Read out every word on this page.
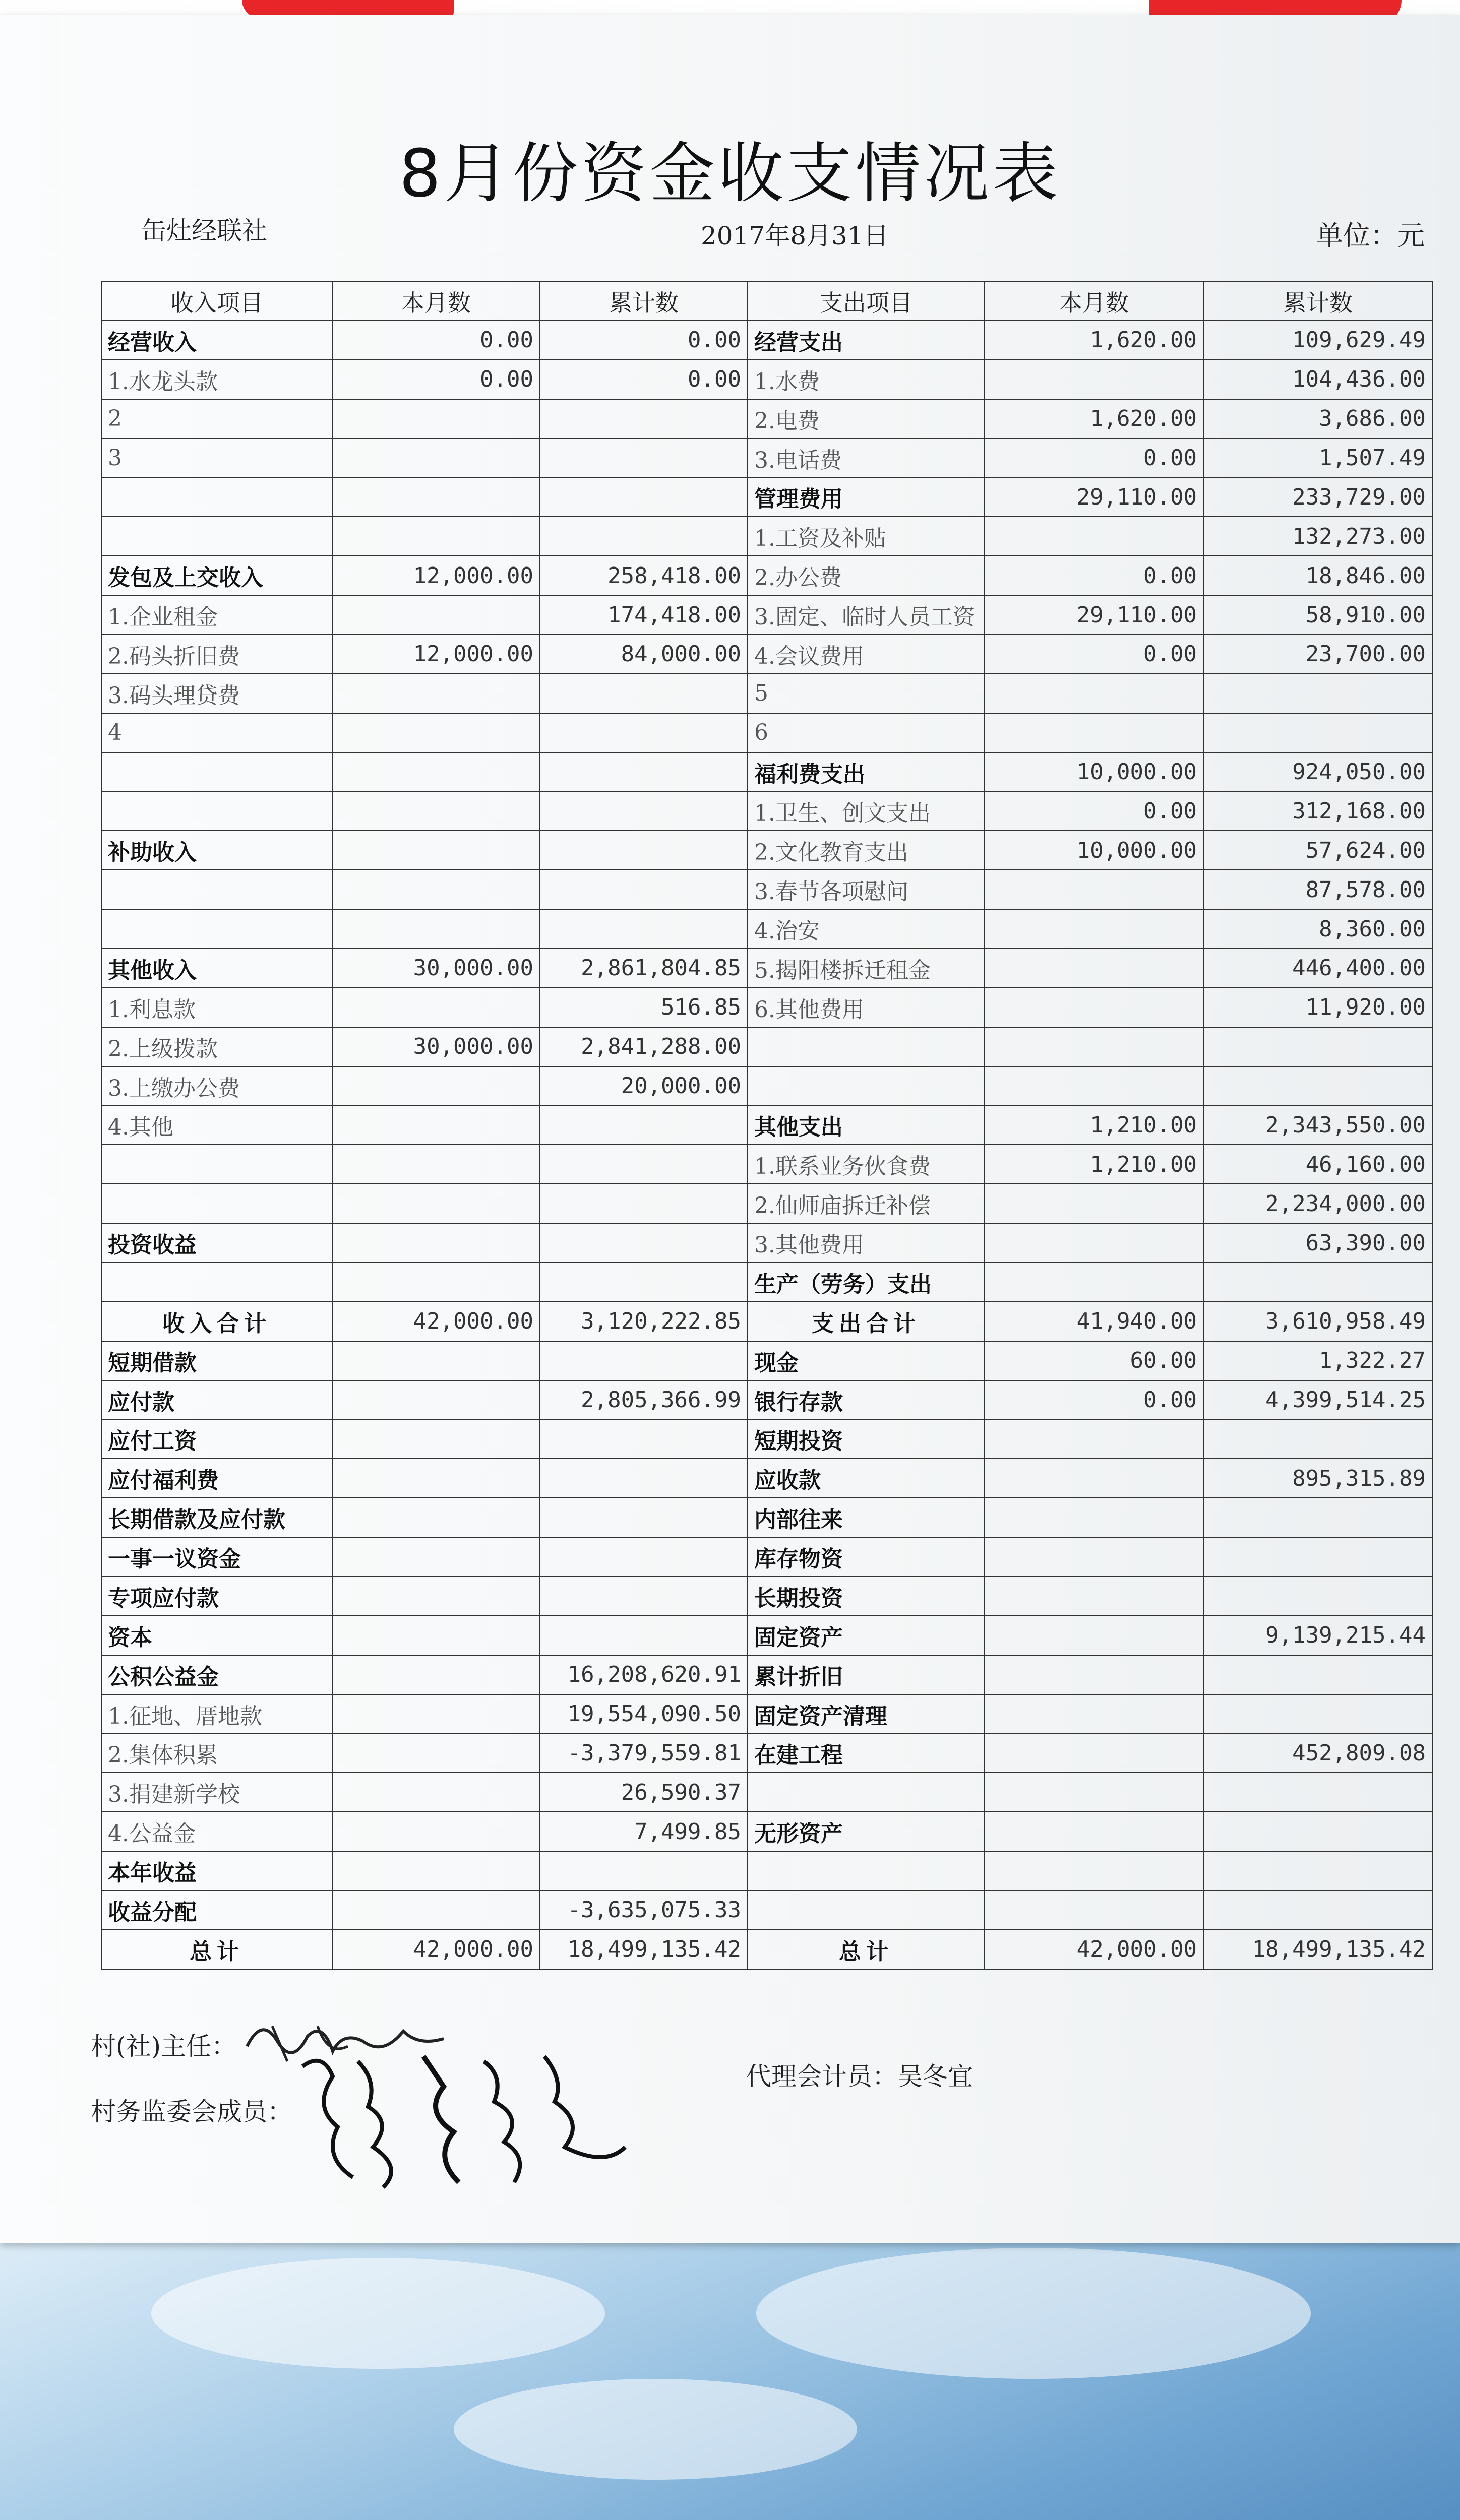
8月份资金收支情况表
缶灶经联社	2017年8月31日	单位：元
收入项目	本月数	累计数	支出项目	本月数	累计数
经营收入	0.00	0.00	经营支出	1,620.00	109,629.49
1.水龙头款	0.00	0.00	1.水费		104,436.00
2			2.电费	1,620.00	3,686.00
3			3.电话费	0.00	1,507.49
			管理费用	29,110.00	233,729.00
			1.工资及补贴		132,273.00
发包及上交收入	12,000.00	258,418.00	2.办公费	0.00	18,846.00
1.企业租金		174,418.00	3.固定、临时人员工资	29,110.00	58,910.00
2.码头折旧费	12,000.00	84,000.00	4.会议费用	0.00	23,700.00
3.码头理贷费			5		
4			6		
			福利费支出	10,000.00	924,050.00
			1.卫生、创文支出	0.00	312,168.00
补助收入			2.文化教育支出	10,000.00	57,624.00
			3.春节各项慰问		87,578.00
			4.治安		8,360.00
其他收入	30,000.00	2,861,804.85	5.揭阳楼拆迁租金		446,400.00
1.利息款		516.85	6.其他费用		11,920.00
2.上级拨款	30,000.00	2,841,288.00			
3.上缴办公费		20,000.00			
4.其他			其他支出	1,210.00	2,343,550.00
			1.联系业务伙食费	1,210.00	46,160.00
			2.仙师庙拆迁补偿		2,234,000.00
投资收益			3.其他费用		63,390.00
			生产（劳务）支出		
收入合计	42,000.00	3,120,222.85	支出合计	41,940.00	3,610,958.49
短期借款			现金	60.00	1,322.27
应付款		2,805,366.99	银行存款	0.00	4,399,514.25
应付工资			短期投资		
应付福利费			应收款		895,315.89
长期借款及应付款			内部往来		
一事一议资金			库存物资		
专项应付款			长期投资		
资本			固定资产		9,139,215.44
公积公益金		16,208,620.91	累计折旧		
1.征地、厝地款		19,554,090.50	固定资产清理		
2.集体积累		-3,379,559.81	在建工程		452,809.08
3.捐建新学校		26,590.37			
4.公益金		7,499.85	无形资产		
本年收益					
收益分配		-3,635,075.33			
总计	42,000.00	18,499,135.42	总计	42,000.00	18,499,135.42
村(社)主任：
村务监委会成员：
代理会计员：吴冬宜
